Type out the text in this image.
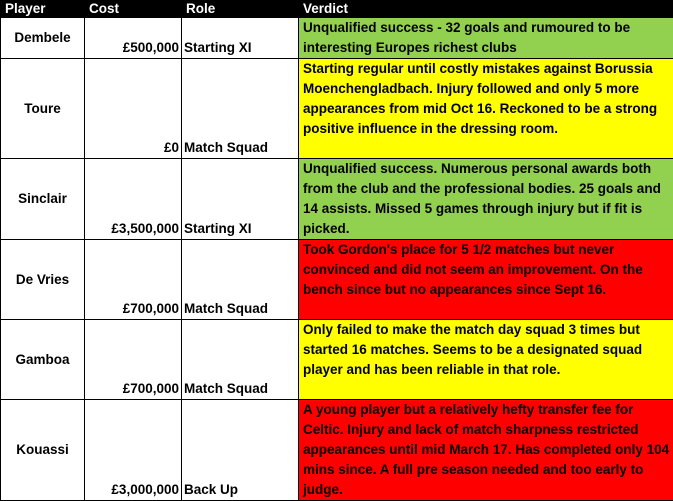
Player	Cost	Role	Verdict
Dembele	£500,000	Starting XI	Unqualified success - 32 goals and rumoured to be interesting Europes richest clubs
Toure	£0	Match Squad	Starting regular until costly mistakes against Borussia Moenchengladbach. Injury followed and only 5 more appearances from mid Oct 16. Reckoned to be a strong positive influence in the dressing room.
Sinclair	£3,500,000	Starting XI	Unqualified success. Numerous personal awards both from the club and the professional bodies. 25 goals and 14 assists. Missed 5 games through injury but if fit is picked.
De Vries	£700,000	Match Squad	Took Gordon's place for 5 1/2 matches but never convinced and did not seem an improvement. On the bench since but no appearances since Sept 16.
Gamboa	£700,000	Match Squad	Only failed to make the match day squad 3 times but started 16 matches. Seems to be a designated squad player and has been reliable in that role.
Kouassi	£3,000,000	Back Up	A young player but a relatively hefty transfer fee for Celtic. Injury and lack of match sharpness restricted appearances until mid March 17. Has completed only 104 mins since. A full pre season needed and too early to judge.
